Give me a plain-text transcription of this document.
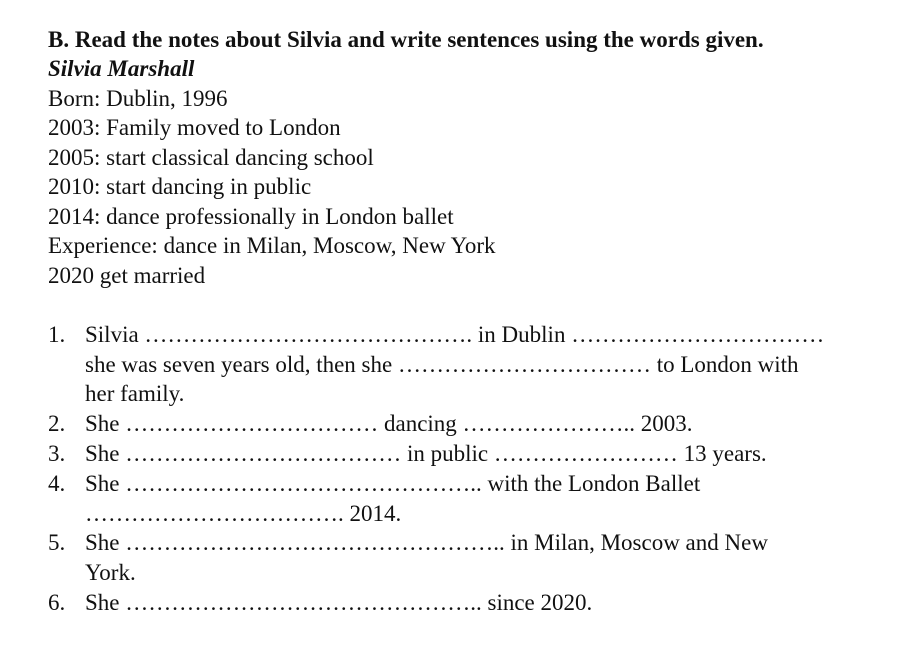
B. Read the notes about Silvia and write sentences using the words given.
Silvia Marshall
Born: Dublin, 1996
2003: Family moved to London
2005: start classical dancing school
2010: start dancing in public
2014: dance professionally in London ballet
Experience: dance in Milan, Moscow, New York
2020 get married
1. Silvia ……………………………………. in Dublin ……………………………
she was seven years old, then she …………………………… to London with
her family.
2. She …………………………… dancing ………………….. 2003.
3. She ……………………………… in public …………………… 13 years.
4. She ……………………………………….. with the London Ballet
……………………………. 2014.
5. She ………………………………………….. in Milan, Moscow and New
York.
6. She ……………………………………….. since 2020.
